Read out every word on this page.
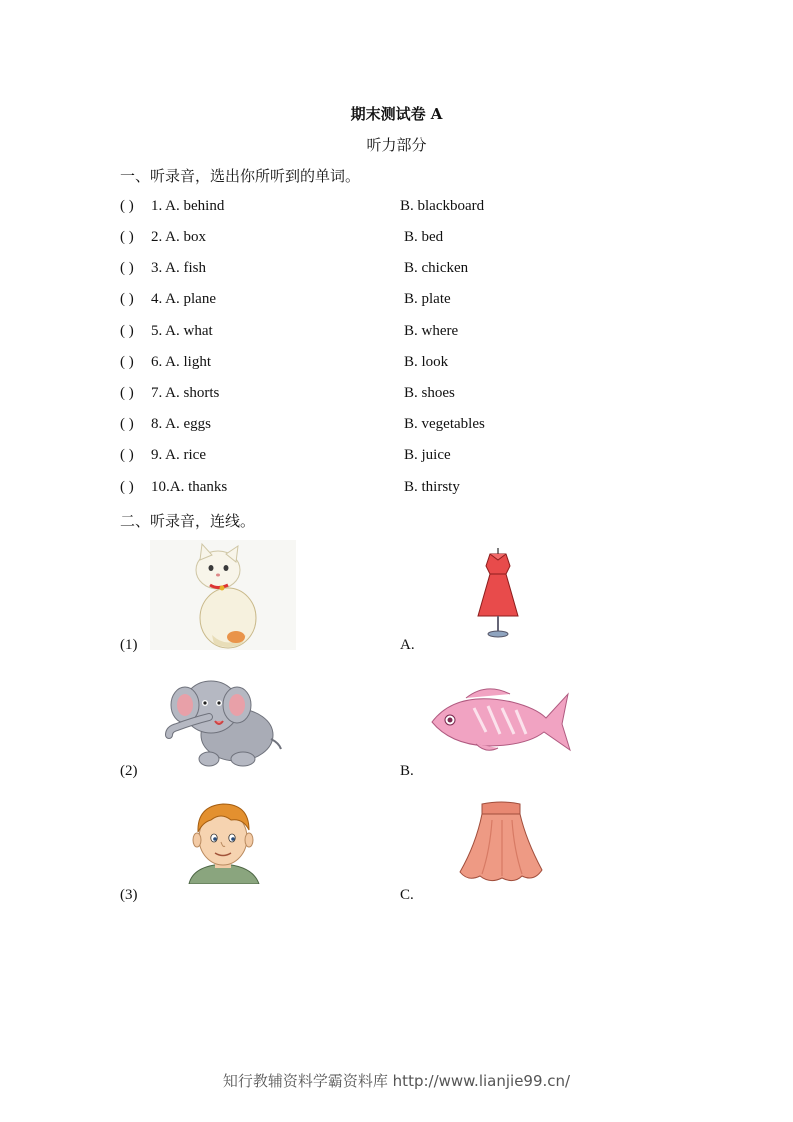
期末测试卷 A
听力部分
一、听录音，选出你所听到的单词。
( ) 1. A. behind	B. blackboard
( ) 2. A. box	B. bed
( ) 3. A. fish	B. chicken
( ) 4. A. plane	B. plate
( ) 5. A. what	B. where
( ) 6. A. light	B. look
( ) 7. A. shorts	B. shoes
( ) 8. A. eggs	B. vegetables
( ) 9. A. rice	B. juice
( ) 10.A. thanks	B. thirsty
二、听录音，连线。
(1)	A.
(2)	B.
(3)	C.
知行教辅资料学霸资料库 http://www.lianjie99.cn/
